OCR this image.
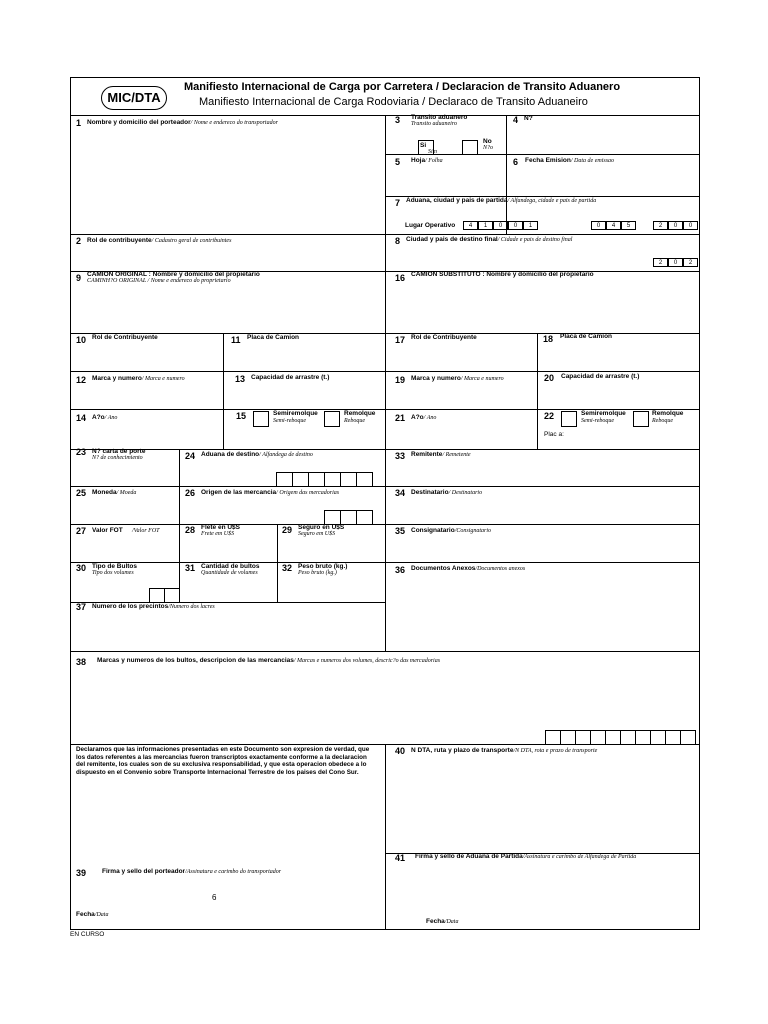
MIC/DTA
Manifiesto Internacional de Carga por Carretera / Declaracion de Transito Aduanero
Manifiesto Internacional de Carga Rodoviaria / Declaraco de Transito Aduaneiro
1 Nombre y domicilio del porteador/ Nome e endereco do transportador	3 Transito aduanero
Transito aduaneiro
Si
Sim
No
N?o
4 N?
5 Hoja/ Folha	6 Fecha Emision/ Data de emissao
7 Aduana, ciudad y pais de partida/ Alfandega, cidade e pais de partida
Lugar Operativo	4	1	0	0	1	0	4	5	2	0	0
2 Rol de contribuyente/ Cadastro geral de contribuintes	8 Ciudad y pais de destino final/ Cidade e pais de destino final
2	0	2
9 CAMION ORIGINAL : Nombre y domicilio del propietario
CAMINH?O ORIGINAL / Nome e endereco do proprietario	16 CAMION SUBSTITUTO : Nombre y domicilio del propietario
10 Rol de Contribuyente	11 Placa de Camion	17 Rol de Contribuyente	18 Placa de Camion
12 Marca y numero/ Marca e numero	13 Capacidad de arrastre (t.)	19 Marca y numero/ Marca e numero	20 Capacidad de arrastre (t.)
14 A?o/ Ano	15	Semiremolque
Semi-reboque
Remolque
Reboque	21 A?o/ Ano	22	Semiremolque
Semi-reboque
Remolque
Reboque
Plac a:
23 N? carta de porte
N? de conhecimiento	24 Aduana de destino/ Alfandega de destino	33 Remitente/ Remetente
25 Moneda/ Moeda	26 Origen de las mercancia/ Origem das mercadorias	34 Destinatario/ Destinatario
27 Valor FOT /Valor FOT	28 Flete en U$S
Frete em U$S	29 Seguro en U$S
Seguro em U$S	35 Consignatario/Consignatario
30 Tipo de Bultos
Tipo dos volumes	31 Cantidad de bultos
Quantidade de volumes	32 Peso bruto (kg.)
Peso bruto (kg.)	36 Documentos Anexos/Documentos anexos
37 Numero de los precintos/Numero dos lacres
38 Marcas y numeros de los bultos, descripcion de las mercancias/ Marcas e numeros dos volumes, descric?o das mercadorias
Declaramos que las informaciones presentadas en este Documento son expresion de verdad, que los datos referentes a las mercancias fueron transcriptos exactamente conforme a la declaracion del remitente, los cuales son de su exclusiva responsabilidad, y que esta operacion obedece a lo dispuesto en el Convenio sobre Transporte Internacional Terrestre de los paises del Cono Sur.
39 Firma y sello del porteador/Assinatura e carimbo do transportador
6
Fecha/Data
40 N DTA, ruta y plazo de transporte/N DTA, rota e prazo de transporte
41 Firma y sello de Aduana de Partida/Assinatura e carimbo de Alfandega de Partida
Fecha/Data
EN CURSO
